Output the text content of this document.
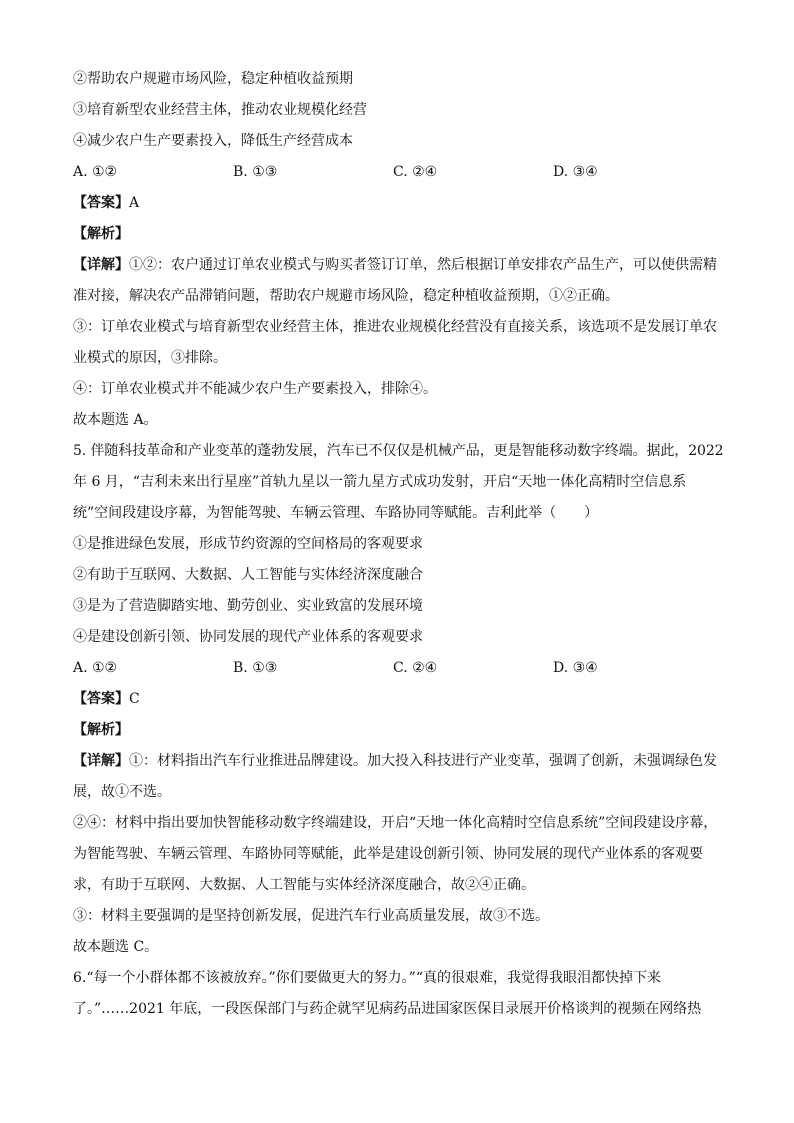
②帮助农户规避市场风险，稳定种植收益预期
③培育新型农业经营主体，推动农业规模化经营
④减少农户生产要素投入，降低生产经营成本
A. ①②	B. ①③	C. ②④	D. ③④
【答案】A
【解析】
【详解】①②：农户通过订单农业模式与购买者签订订单，然后根据订单安排农产品生产，可以使供需精
准对接，解决农产品滞销问题，帮助农户规避市场风险，稳定种植收益预期，①②正确。
③：订单农业模式与培育新型农业经营主体，推进农业规模化经营没有直接关系，该选项不是发展订单农
业模式的原因，③排除。
④：订单农业模式并不能减少农户生产要素投入，排除④。
故本题选 A。
5. 伴随科技革命和产业变革的蓬勃发展，汽车已不仅仅是机械产品，更是智能移动数字终端。据此，2022
年 6 月，“吉利未来出行星座”首轨九星以一箭九星方式成功发射，开启“天地一体化高精时空信息系
统”空间段建设序幕，为智能驾驶、车辆云管理、车路协同等赋能。吉利此举（　　）
①是推进绿色发展，形成节约资源的空间格局的客观要求
②有助于互联网、大数据、人工智能与实体经济深度融合
③是为了营造脚踏实地、勤劳创业、实业致富的发展环境
④是建设创新引领、协同发展的现代产业体系的客观要求
A. ①②	B. ①③	C. ②④	D. ③④
【答案】C
【解析】
【详解】①：材料指出汽车行业推进品牌建设。加大投入科技进行产业变革，强调了创新，未强调绿色发
展，故①不选。
②④：材料中指出要加快智能移动数字终端建设，开启“天地一体化高精时空信息系统”空间段建设序幕，
为智能驾驶、车辆云管理、车路协同等赋能，此举是建设创新引领、协同发展的现代产业体系的客观要
求，有助于互联网、大数据、人工智能与实体经济深度融合，故②④正确。
③：材料主要强调的是坚持创新发展，促进汽车行业高质量发展，故③不选。
故本题选 C。
6.“每一个小群体都不该被放弃。”你们要做更大的努力。”“真的很艰难，我觉得我眼泪都快掉下来
了。”……2021 年底，一段医保部门与药企就罕见病药品进国家医保目录展开价格谈判的视频在网络热
